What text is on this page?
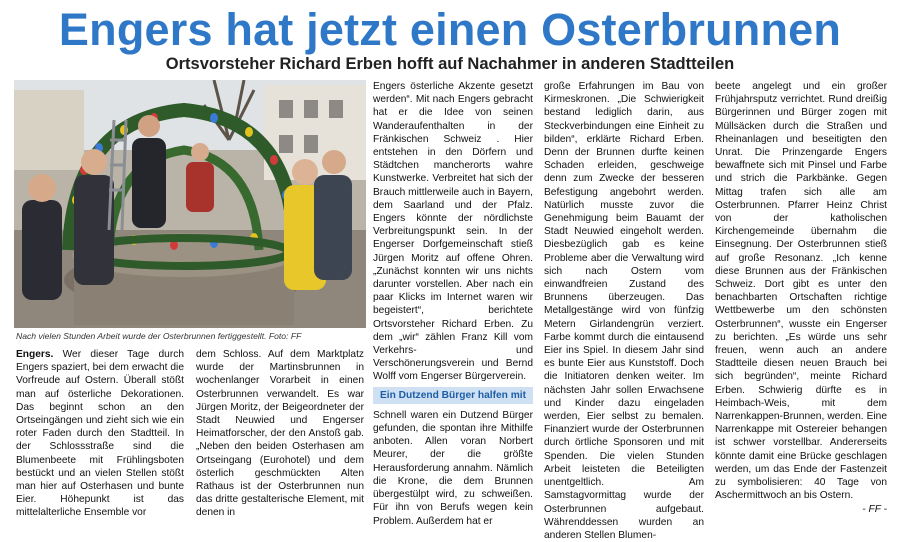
Engers hat jetzt einen Osterbrunnen
Ortsvorsteher Richard Erben hofft auf Nachahmer in anderen Stadtteilen
Nach vielen Stunden Arbeit wurde der Osterbrunnen fertiggestellt. Foto: FF

Engers. Wer dieser Tage durch Engers spaziert, bei dem erwacht die Vorfreude auf Ostern. Überall stößt man auf österliche Dekorationen. Das beginnt schon an den Ortseingängen und zieht sich wie ein roter Faden durch den Stadtteil. In der Schlossstraße sind die Blumenbeete mit Frühlingsboten bestückt und an vielen Stellen stößt man hier auf Osterhasen und bunte Eier. Höhepunkt ist das mittelalterliche Ensemble vor

dem Schloss. Auf dem Marktplatz wurde der Martinsbrunnen in wochenlanger Vorarbeit in einen Osterbrunnen verwandelt. Es war Jürgen Moritz, der Beigeordneter der Stadt Neuwied und Engerser Heimatforscher, der den Anstoß gab. „Neben den beiden Osterhasen am Ortseingang (Eurohotel) und dem österlich geschmückten Alten Rathaus ist der Osterbrunnen nun das dritte gestalterische Element, mit denen in

Engers österliche Akzente gesetzt werden“. Mit nach Engers gebracht hat er die Idee von seinen Wanderaufenthalten in der Fränkischen Schweiz . Hier entstehen in den Dörfern und Städtchen mancherorts wahre Kunstwerke. Verbreitet hat sich der Brauch mittlerweile auch in Bayern, dem Saarland und der Pfalz. Engers könnte der nördlichste Verbreitungspunkt sein. In der Engerser Dorfgemeinschaft stieß Jürgen Moritz auf offene Ohren. „Zunächst konnten wir uns nichts darunter vorstellen. Aber nach ein paar Klicks im Internet waren wir begeistert“, berichtete Ortsvorsteher Richard Erben. Zu dem „wir“ zählen Franz Kill vom Verkehrs- und Verschönerungsverein und Bernd Wolff vom Engerser Bürgerverein.

Ein Dutzend Bürger halfen mit

Schnell waren ein Dutzend Bürger gefunden, die spontan ihre Mithilfe anboten. Allen voran Norbert Meurer, der die größte Herausforderung annahm. Nämlich die Krone, die dem Brunnen übergestülpt wird, zu schweißen. Für ihn von Berufs wegen kein Problem. Außerdem hat er

große Erfahrungen im Bau von Kirmeskronen. „Die Schwierigkeit bestand lediglich darin, aus Steckverbindungen eine Einheit zu bilden“, erklärte Richard Erben. Denn der Brunnen durfte keinen Schaden erleiden, geschweige denn zum Zwecke der besseren Befestigung angebohrt werden. Natürlich musste zuvor die Genehmigung beim Bauamt der Stadt Neuwied eingeholt werden. Diesbezüglich gab es keine Probleme aber die Verwaltung wird sich nach Ostern vom einwandfreien Zustand des Brunnens überzeugen. Das Metallgestänge wird von fünfzig Metern Girlandengrün verziert. Farbe kommt durch die eintausend Eier ins Spiel. In diesem Jahr sind es bunte Eier aus Kunststoff. Doch die Initiatoren denken weiter. Im nächsten Jahr sollen Erwachsene und Kinder dazu eingeladen werden, Eier selbst zu bemalen. Finanziert wurde der Osterbrunnen durch örtliche Sponsoren und mit Spenden. Die vielen Stunden Arbeit leisteten die Beteiligten unentgeltlich. Am Samstagvormittag wurde der Osterbrunnen aufgebaut. Währenddessen wurden an anderen Stellen Blumen-

beete angelegt und ein großer Frühjahrsputz verrichtet. Rund dreißig Bürgerinnen und Bürger zogen mit Müllsäcken durch die Straßen und Rheinanlagen und beseitigten den Unrat. Die Prinzengarde Engers bewaffnete sich mit Pinsel und Farbe und strich die Parkbänke. Gegen Mittag trafen sich alle am Osterbrunnen. Pfarrer Heinz Christ von der katholischen Kirchengemeinde übernahm die Einsegnung. Der Osterbrunnen stieß auf große Resonanz. „Ich kenne diese Brunnen aus der Fränkischen Schweiz. Dort gibt es unter den benachbarten Ortschaften richtige Wettbewerbe um den schönsten Osterbrunnen“, wusste ein Engerser zu berichten. „Es würde uns sehr freuen, wenn auch an andere Stadtteile diesen neuen Brauch bei sich begründen“, meinte Richard Erben. Schwierig dürfte es in Heimbach-Weis, mit dem Narrenkappen-Brunnen, werden. Eine Narrenkappe mit Ostereier behangen ist schwer vorstellbar. Andererseits könnte damit eine Brücke geschlagen werden, um das Ende der Fastenzeit zu symbolisieren: 40 Tage von Aschermittwoch an bis Ostern.

- FF -
